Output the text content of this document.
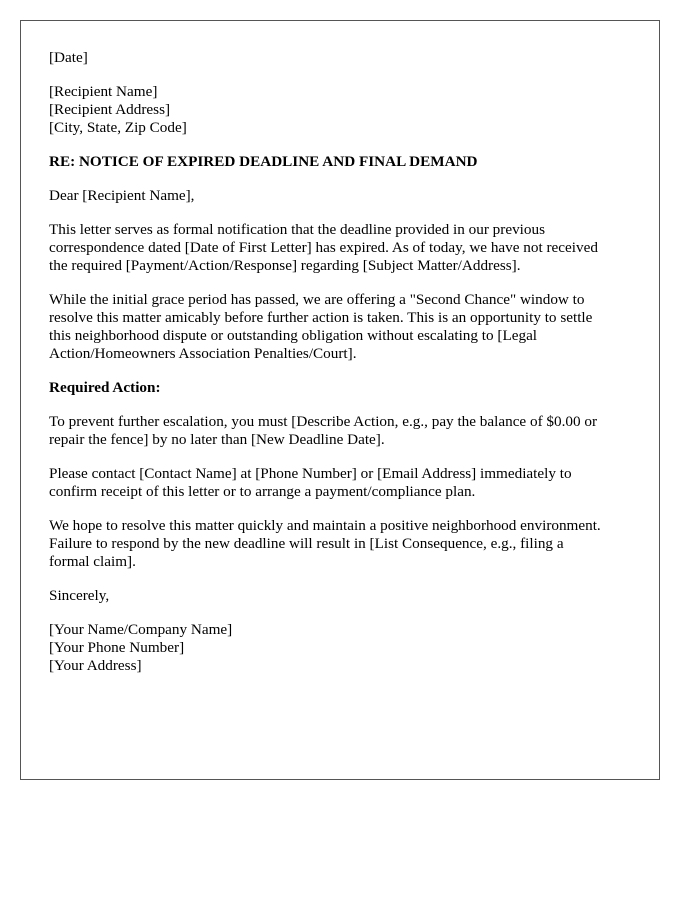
[Date]
[Recipient Name]
[Recipient Address]
[City, State, Zip Code]
RE: NOTICE OF EXPIRED DEADLINE AND FINAL DEMAND

Dear [Recipient Name],

This letter serves as formal notification that the deadline provided in our previous
correspondence dated [Date of First Letter] has expired. As of today, we have not received
the required [Payment/Action/Response] regarding [Subject Matter/Address].

While the initial grace period has passed, we are offering a "Second Chance" window to
resolve this matter amicably before further action is taken. This is an opportunity to settle
this neighborhood dispute or outstanding obligation without escalating to [Legal
Action/Homeowners Association Penalties/Court].

Required Action:

To prevent further escalation, you must [Describe Action, e.g., pay the balance of $0.00 or
repair the fence] by no later than [New Deadline Date].

Please contact [Contact Name] at [Phone Number] or [Email Address] immediately to
confirm receipt of this letter or to arrange a payment/compliance plan.

We hope to resolve this matter quickly and maintain a positive neighborhood environment.
Failure to respond by the new deadline will result in [List Consequence, e.g., filing a
formal claim].

Sincerely,

[Your Name/Company Name]
[Your Phone Number]
[Your Address]
